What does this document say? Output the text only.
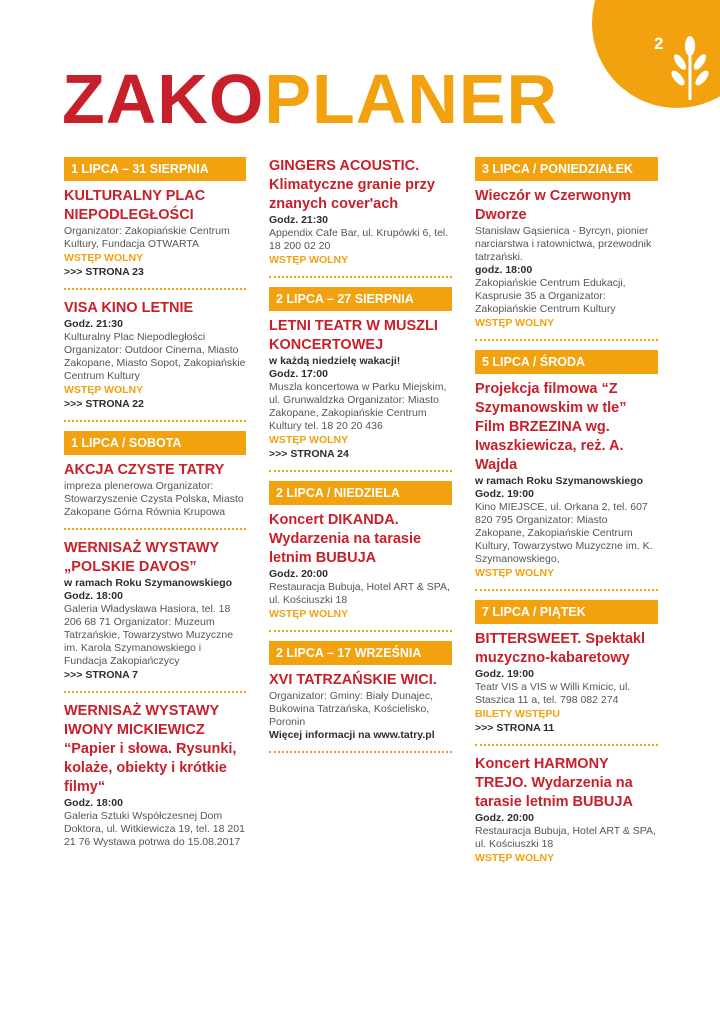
2
ZAKOPLANER
1 LIPCA – 31 SIERPNIA
KULTURALNY PLAC NIEPODLEGŁOŚCI
Organizator: Zakopiańskie Centrum Kultury, Fundacja OTWARTA
WSTĘP WOLNY
>>> STRONA 23
VISA KINO LETNIE
Godz. 21:30
Kulturalny Plac Niepodległości Organizator: Outdoor Cinema, Miasto Zakopane, Miasto Sopot, Zakopiańskie Centrum Kultury
WSTĘP WOLNY
>>> STRONA 22
1 LIPCA / SOBOTA
AKCJA CZYSTE TATRY
impreza plenerowa Organizator: Stowarzyszenie Czysta Polska, Miasto Zakopane Górna Równia Krupowa
WERNISAŻ WYSTAWY „POLSKIE DAVOS”
w ramach Roku Szymanowskiego
Godz. 18:00
Galeria Władysława Hasiora, tel. 18 206 68 71 Organizator: Muzeum Tatrzańskie, Towarzystwo Muzyczne im. Karola Szymanowskiego i Fundacja Zakopiańczycy
>>> STRONA 7
WERNISAŻ WYSTAWY IWONY MICKIEWICZ “Papier i słowa. Rysunki, kolaże, obiekty i krótkie filmy“
Godz. 18:00
Galeria Sztuki Współczesnej Dom Doktora, ul. Witkiewicza 19, tel. 18 201 21 76 Wystawa potrwa do 15.08.2017
GINGERS ACOUSTIC. Klimatyczne granie przy znanych cover'ach
Godz. 21:30
Appendix Cafe Bar, ul. Krupówki 6, tel. 18 200 02 20
WSTĘP WOLNY
2 LIPCA – 27 SIERPNIA
LETNI TEATR W MUSZLI KONCERTOWEJ
w każdą niedzielę wakacji!
Godz. 17:00
Muszla koncertowa w Parku Miejskim, ul. Grunwaldzka Organizator: Miasto Zakopane, Zakopiańskie Centrum Kultury tel. 18 20 20 436
WSTĘP WOLNY
>>> STRONA 24
2 LIPCA / NIEDZIELA
Koncert DIKANDA. Wydarzenia na tarasie letnim BUBUJA
Godz. 20:00
Restauracja Bubuja, Hotel ART & SPA, ul. Kościuszki 18
WSTĘP WOLNY
2 LIPCA – 17 WRZEŚNIA
XVI TATRZAŃSKIE WICI.
Organizator: Gminy: Biały Dunajec, Bukowina Tatrzańska, Kościelisko, Poronin
Więcej informacji na www.tatry.pl
3 LIPCA / PONIEDZIAŁEK
Wieczór w Czerwonym Dworze
Stanisław Gąsienica - Byrcyn, pionier narciarstwa i ratownictwa, przewodnik tatrzański.
godz. 18:00
Zakopiańskie Centrum Edukacji, Kasprusie 35 a Organizator: Zakopiańskie Centrum Kultury
WSTĘP WOLNY
5 LIPCA / ŚRODA
Projekcja filmowa “Z Szymanowskim w tle” Film BRZEZINA wg. Iwaszkiewicza, reż. A. Wajda
w ramach Roku Szymanowskiego
Godz. 19:00
Kino MIEJSCE, ul. Orkana 2, tel. 607 820 795 Organizator: Miasto Zakopane, Zakopiańskie Centrum Kultury, Towarzystwo Muzyczne im. K. Szymanowskiego,
WSTĘP WOLNY
7 LIPCA / PIĄTEK
BITTERSWEET. Spektakl muzyczno-kabaretowy
Godz. 19:00
Teatr VIS a VIS w Willi Kmicic, ul. Staszica 11 a, tel. 798 082 274
BILETY WSTĘPU
>>> STRONA 11
Koncert HARMONY TREJO. Wydarzenia na tarasie letnim BUBUJA
Godz. 20:00
Restauracja Bubuja, Hotel ART & SPA, ul. Kościuszki 18
WSTĘP WOLNY
